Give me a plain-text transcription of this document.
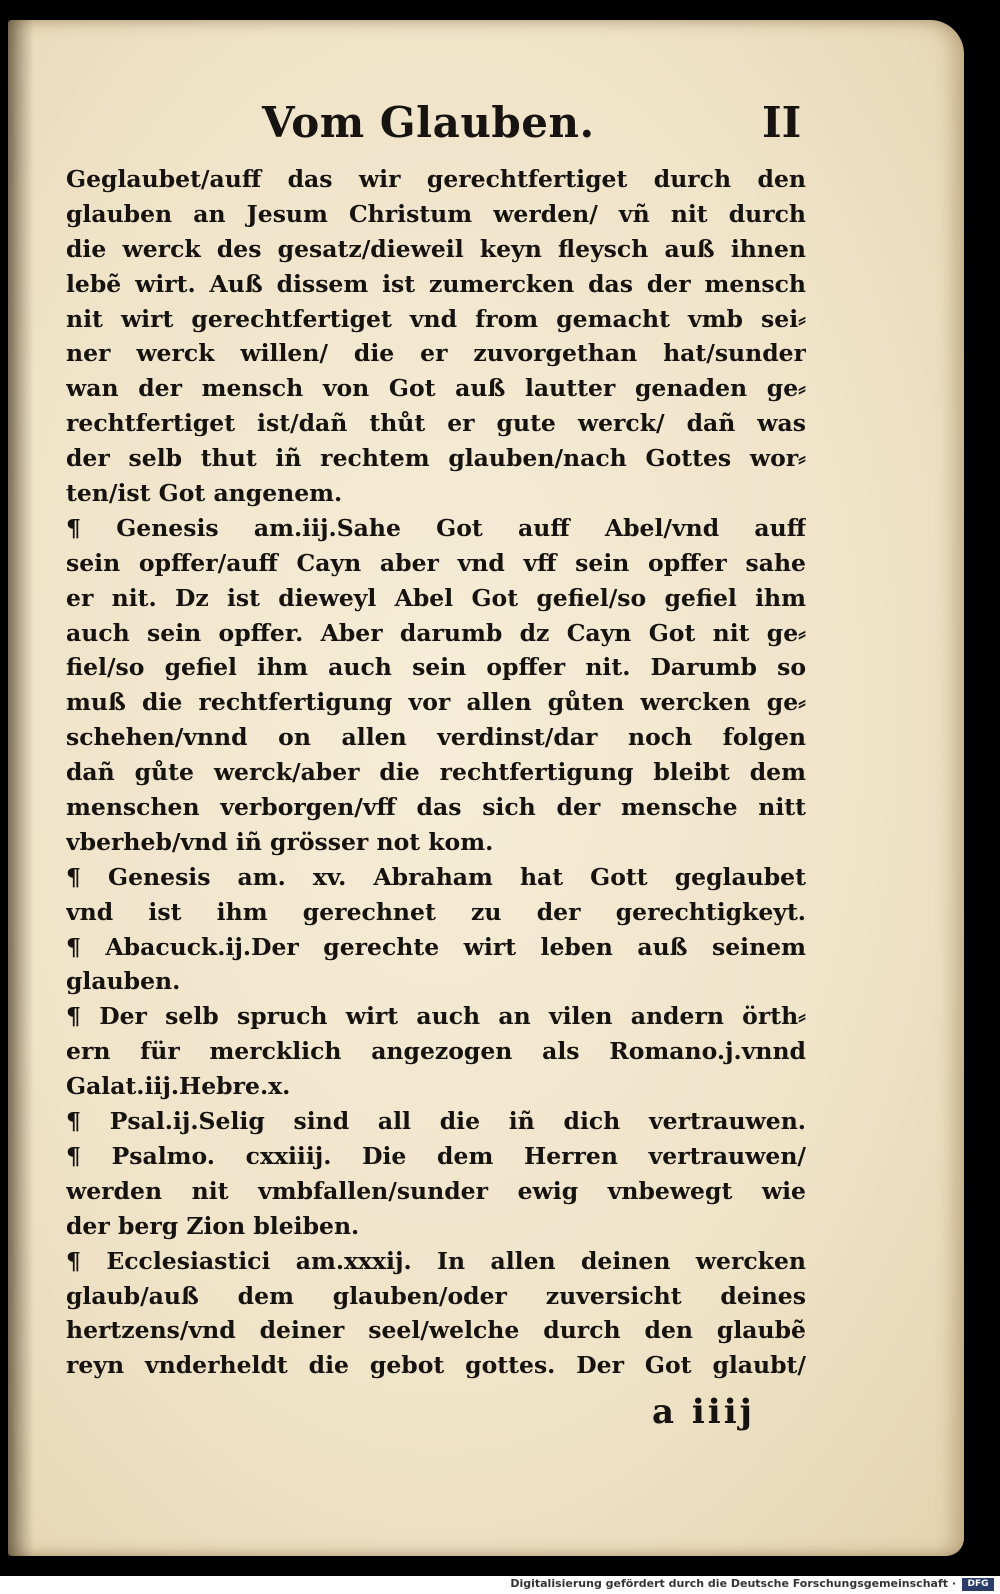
Vom Glauben.	II
Geglaubet/auff das wir gerechtfertiget durch den
glauben an Jesum Christum werden/ vñ nit durch
die werck des gesatz/dieweil keyn fleysch auß ihnen
lebẽ wirt. Auß dissem ist zumercken das der mensch
nit wirt gerechtfertiget vnd from gemacht vmb sei⸗
ner werck willen/ die er zuvorgethan hat/sunder
wan der mensch von Got auß lautter genaden ge⸗
rechtfertiget ist/dañ thůt er gute werck/ dañ was
der selb thut iñ rechtem glauben/nach Gottes wor⸗
ten/ist Got angenem.
¶ Genesis am.iij.Sahe Got auff Abel/vnd auff
sein opffer/auff Cayn aber vnd vff sein opffer sahe
er nit. Dz ist dieweyl Abel Got gefiel/so gefiel ihm
auch sein opffer. Aber darumb dz Cayn Got nit ge⸗
fiel/so gefiel ihm auch sein opffer nit. Darumb so
muß die rechtfertigung vor allen gůten wercken ge⸗
schehen/vnnd on allen verdinst/dar noch folgen
dañ gůte werck/aber die rechtfertigung bleibt dem
menschen verborgen/vff das sich der mensche nitt
vberheb/vnd iñ grösser not kom.
¶ Genesis am. xv. Abraham hat Gott geglaubet
vnd ist ihm gerechnet zu der gerechtigkeyt.
¶ Abacuck.ij.Der gerechte wirt leben auß seinem
glauben.
¶ Der selb spruch wirt auch an vilen andern örth⸗
ern für mercklich angezogen als Romano.j.vnnd
Galat.iij.Hebre.x.
¶ Psal.ij.Selig sind all die iñ dich vertrauwen.
¶ Psalmo. cxxiiij. Die dem Herren vertrauwen/
werden nit vmbfallen/sunder ewig vnbewegt wie
der berg Zion bleiben.
¶ Ecclesiastici am.xxxij. In allen deinen wercken
glaub/auß dem glauben/oder zuversicht deines
hertzens/vnd deiner seel/welche durch den glaubẽ
reyn vnderheldt die gebot gottes. Der Got glaubt/
a iiij
Digitalisierung gefördert durch die Deutsche Forschungsgemeinschaft ·	DFG
